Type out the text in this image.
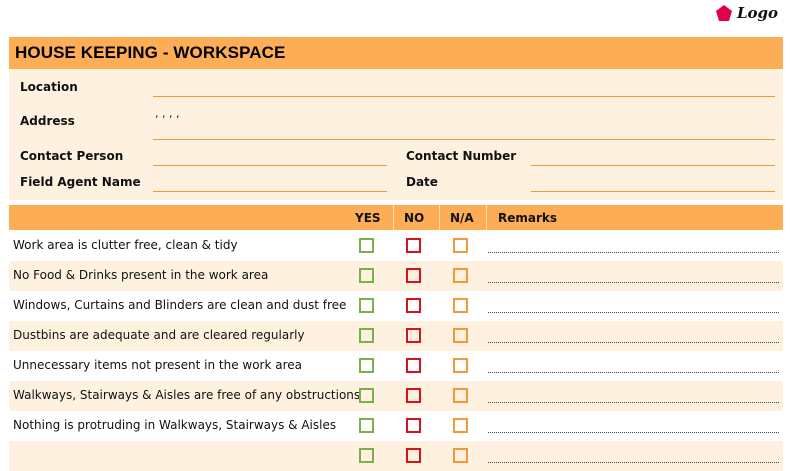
Logo
HOUSE KEEPING - WORKSPACE
Location
Address
, , , ,
Contact Person	Contact Number
Field Agent Name	Date
YES NO N/A Remarks
Work area is clutter free, clean & tidy
No Food & Drinks present in the work area
Windows, Curtains and Blinders are clean and dust free
Dustbins are adequate and are cleared regularly
Unnecessary items not present in the work area
Walkways, Stairways & Aisles are free of any obstructions
Nothing is protruding in Walkways, Stairways & Aisles
